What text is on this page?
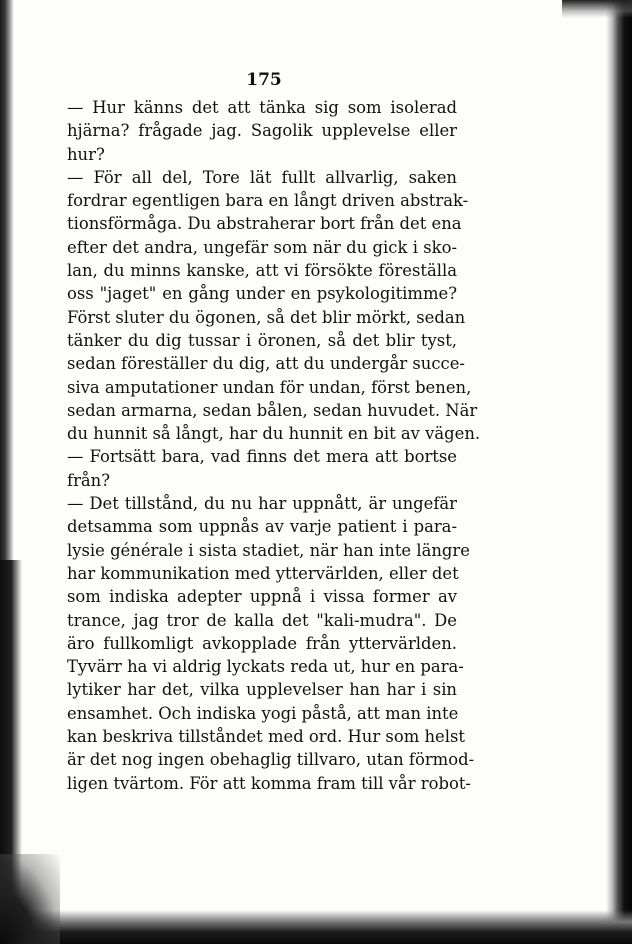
175
— Hur känns det att tänka sig som isolerad
hjärna? frågade jag. Sagolik upplevelse eller
hur?
— För all del, Tore lät fullt allvarlig, saken
fordrar egentligen bara en långt driven abstrak-
tionsförmåga. Du abstraherar bort från det ena
efter det andra, ungefär som när du gick i sko-
lan, du minns kanske, att vi försökte föreställa
oss "jaget" en gång under en psykologitimme?
Först sluter du ögonen, så det blir mörkt, sedan
tänker du dig tussar i öronen, så det blir tyst,
sedan föreställer du dig, att du undergår succe-
siva amputationer undan för undan, först benen,
sedan armarna, sedan bålen, sedan huvudet. När
du hunnit så långt, har du hunnit en bit av vägen.
— Fortsätt bara, vad finns det mera att bortse
från?
— Det tillstånd, du nu har uppnått, är ungefär
detsamma som uppnås av varje patient i para-
lysie générale i sista stadiet, när han inte längre
har kommunikation med yttervärlden, eller det
som indiska adepter uppnå i vissa former av
trance, jag tror de kalla det "kali-mudra". De
äro fullkomligt avkopplade från yttervärlden.
Tyvärr ha vi aldrig lyckats reda ut, hur en para-
lytiker har det, vilka upplevelser han har i sin
ensamhet. Och indiska yogi påstå, att man inte
kan beskriva tillståndet med ord. Hur som helst
är det nog ingen obehaglig tillvaro, utan förmod-
ligen tvärtom. För att komma fram till vår robot-
